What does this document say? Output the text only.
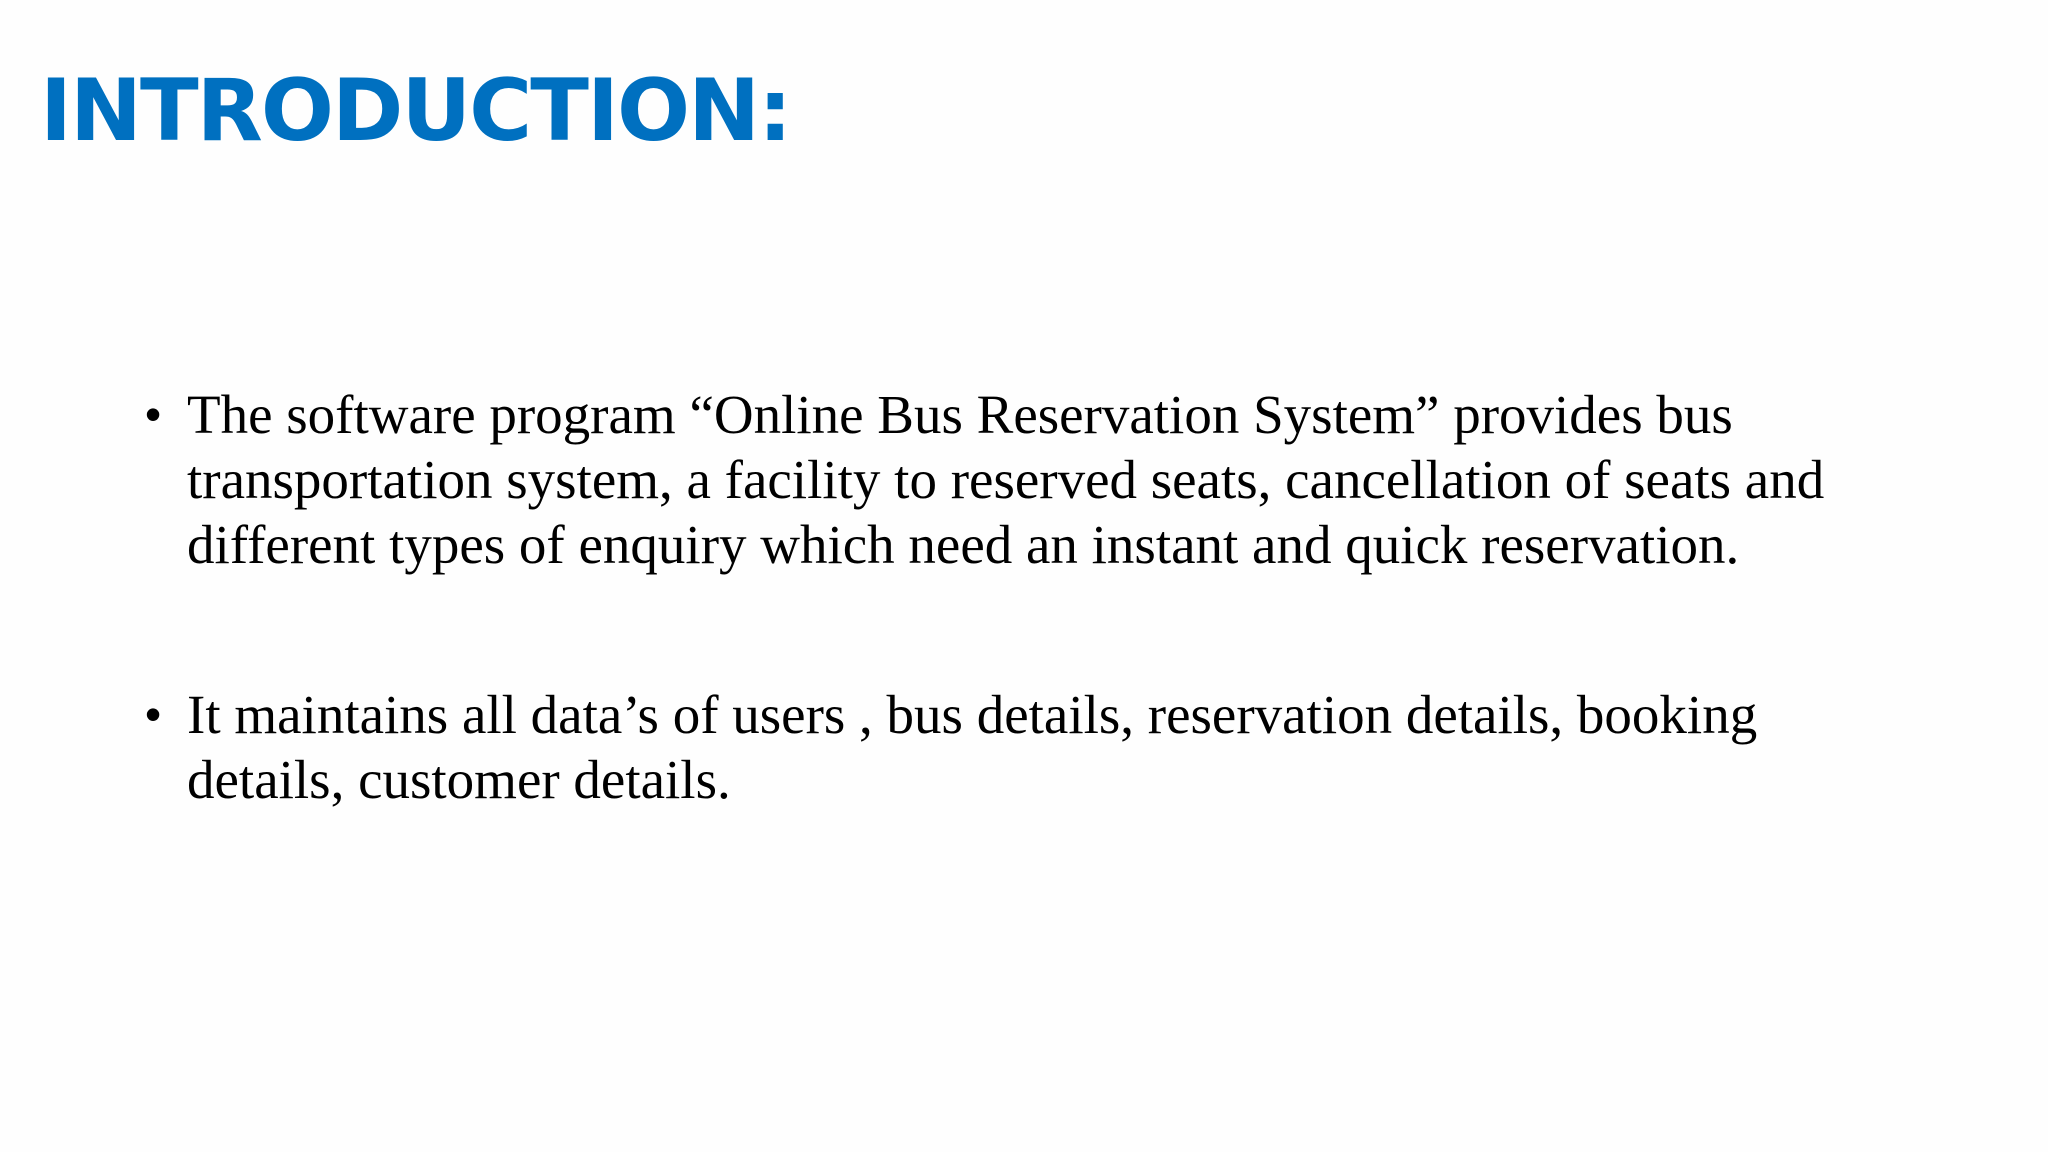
INTRODUCTION:
• The software program “Online Bus Reservation System” provides bus transportation system, a facility to reserved seats, cancellation of seats and different types of enquiry which need an instant and quick reservation.
• It maintains all data’s of users , bus details, reservation details, booking details, customer details.
